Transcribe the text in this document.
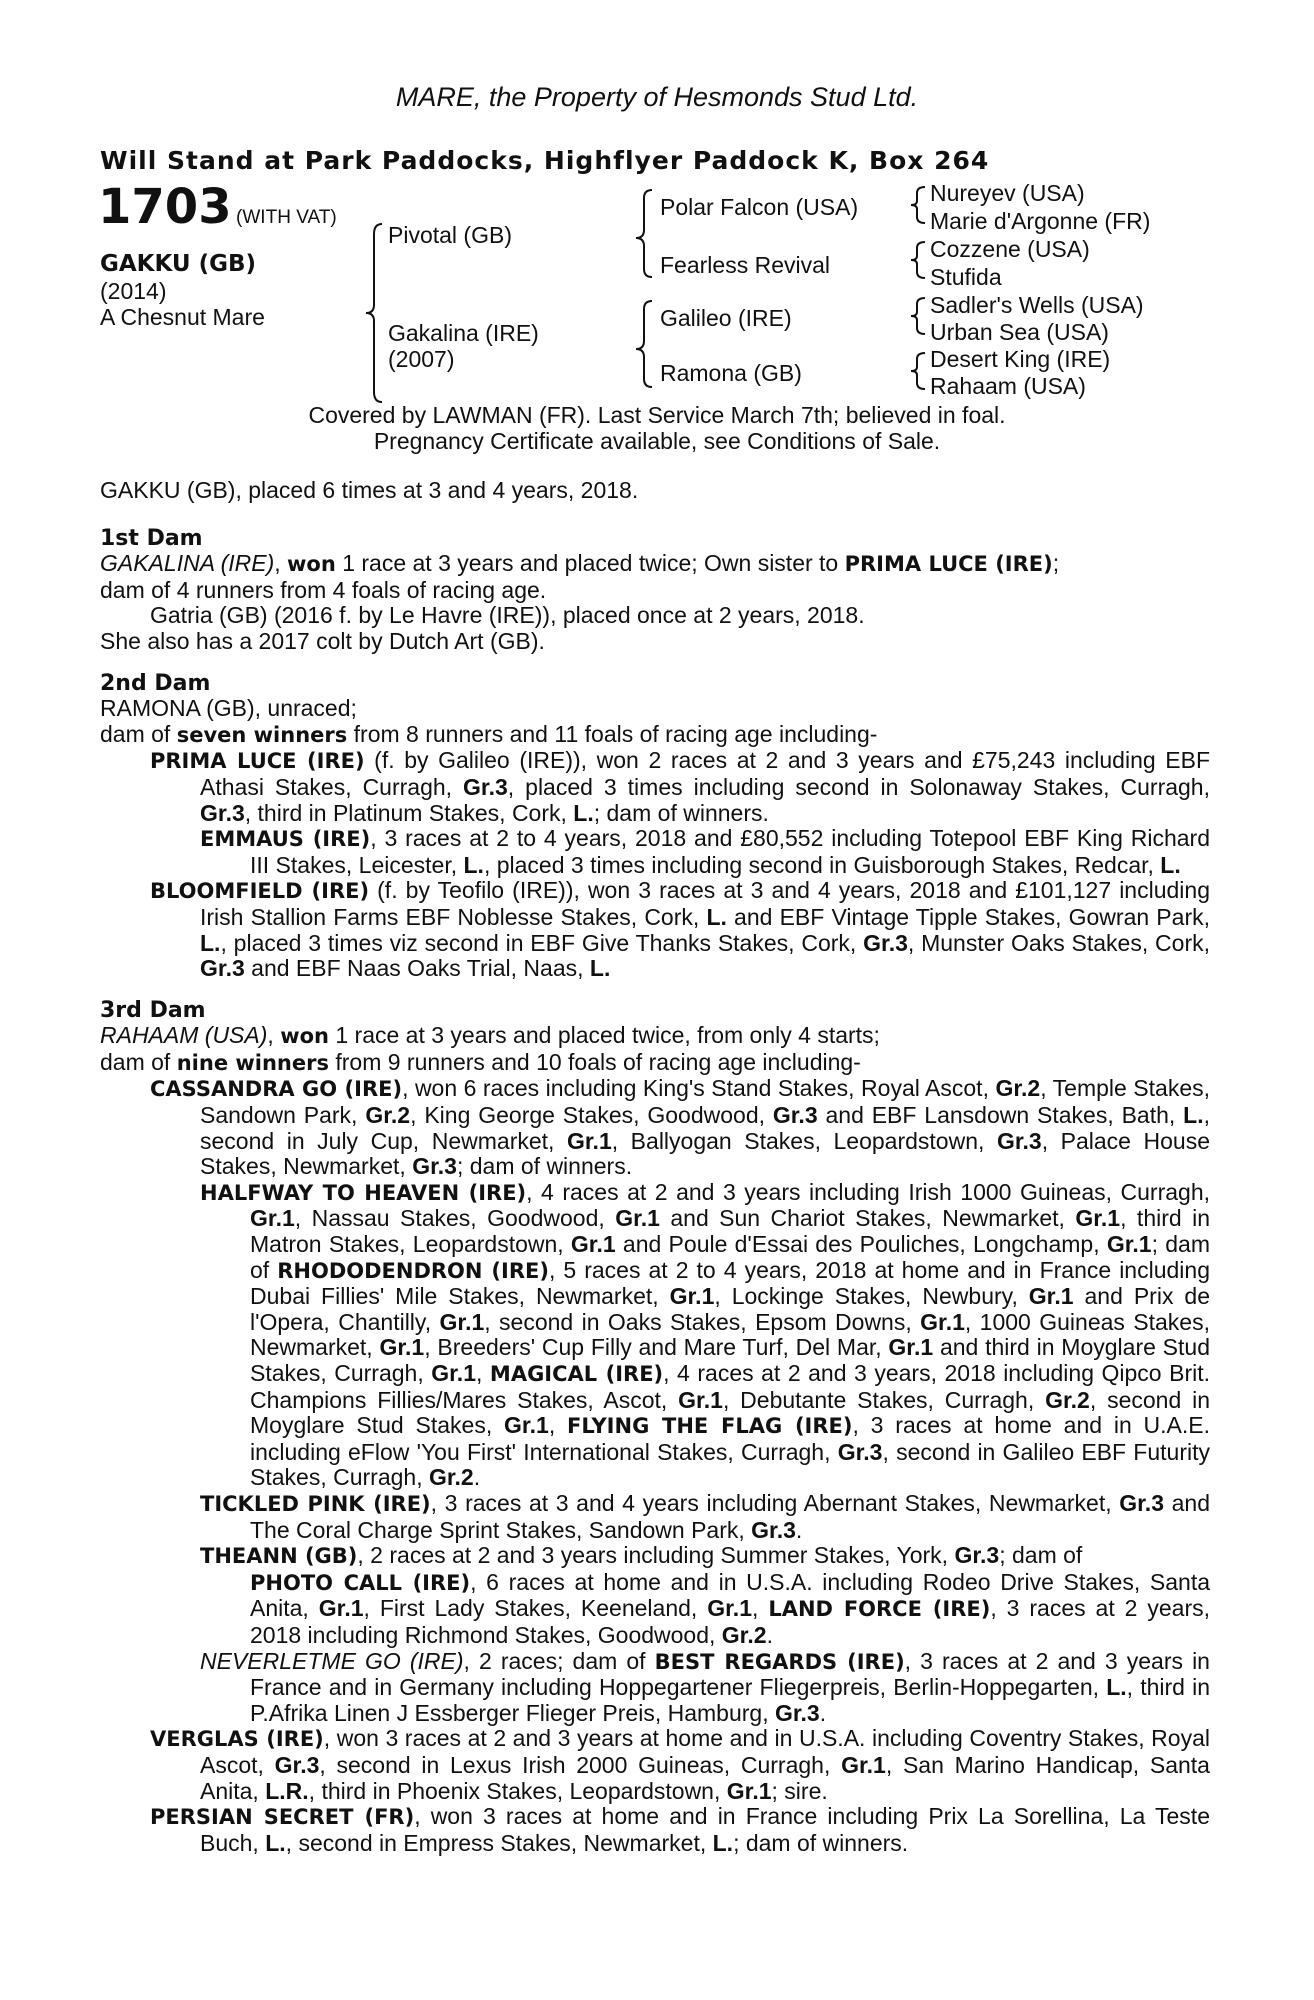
MARE, the Property of Hesmonds Stud Ltd.
Will Stand at Park Paddocks, Highflyer Paddock K, Box 264
1703 (WITH VAT)
GAKKU (GB)
(2014)
A Chesnut Mare
Pivotal (GB)
Gakalina (IRE)
(2007)
Polar Falcon (USA)
Fearless Revival
Galileo (IRE)
Ramona (GB)
Nureyev (USA)
Marie d'Argonne (FR)
Cozzene (USA)
Stufida
Sadler's Wells (USA)
Urban Sea (USA)
Desert King (IRE)
Rahaam (USA)
Covered by LAWMAN (FR). Last Service March 7th; believed in foal.
Pregnancy Certificate available, see Conditions of Sale.

GAKKU (GB), placed 6 times at 3 and 4 years, 2018.

1st Dam

GAKALINA (IRE), won 1 race at 3 years and placed twice; Own sister to PRIMA LUCE (IRE);

dam of 4 runners from 4 foals of racing age.

Gatria (GB) (2016 f. by Le Havre (IRE)), placed once at 2 years, 2018.

She also has a 2017 colt by Dutch Art (GB).

2nd Dam

RAMONA (GB), unraced;

dam of seven winners from 8 runners and 11 foals of racing age including-

PRIMA LUCE (IRE) (f. by Galileo (IRE)), won 2 races at 2 and 3 years and £75,243 including EBF Athasi Stakes, Curragh, Gr.3, placed 3 times including second in Solonaway Stakes, Curragh, Gr.3, third in Platinum Stakes, Cork, L.; dam of winners.

EMMAUS (IRE), 3 races at 2 to 4 years, 2018 and £80,552 including Totepool EBF King Richard III Stakes, Leicester, L., placed 3 times including second in Guisborough Stakes, Redcar, L.

BLOOMFIELD (IRE) (f. by Teofilo (IRE)), won 3 races at 3 and 4 years, 2018 and £101,127 including Irish Stallion Farms EBF Noblesse Stakes, Cork, L. and EBF Vintage Tipple Stakes, Gowran Park, L., placed 3 times viz second in EBF Give Thanks Stakes, Cork, Gr.3, Munster Oaks Stakes, Cork, Gr.3 and EBF Naas Oaks Trial, Naas, L.

3rd Dam

RAHAAM (USA), won 1 race at 3 years and placed twice, from only 4 starts;

dam of nine winners from 9 runners and 10 foals of racing age including-

CASSANDRA GO (IRE), won 6 races including King's Stand Stakes, Royal Ascot, Gr.2, Temple Stakes, Sandown Park, Gr.2, King George Stakes, Goodwood, Gr.3 and EBF Lansdown Stakes, Bath, L., second in July Cup, Newmarket, Gr.1, Ballyogan Stakes, Leopardstown, Gr.3, Palace House Stakes, Newmarket, Gr.3; dam of winners.

HALFWAY TO HEAVEN (IRE), 4 races at 2 and 3 years including Irish 1000 Guineas, Curragh, Gr.1, Nassau Stakes, Goodwood, Gr.1 and Sun Chariot Stakes, Newmarket, Gr.1, third in Matron Stakes, Leopardstown, Gr.1 and Poule d'Essai des Pouliches, Longchamp, Gr.1; dam of RHODODENDRON (IRE), 5 races at 2 to 4 years, 2018 at home and in France including Dubai Fillies' Mile Stakes, Newmarket, Gr.1, Lockinge Stakes, Newbury, Gr.1 and Prix de l'Opera, Chantilly, Gr.1, second in Oaks Stakes, Epsom Downs, Gr.1, 1000 Guineas Stakes, Newmarket, Gr.1, Breeders' Cup Filly and Mare Turf, Del Mar, Gr.1 and third in Moyglare Stud Stakes, Curragh, Gr.1, MAGICAL (IRE), 4 races at 2 and 3 years, 2018 including Qipco Brit. Champions Fillies/Mares Stakes, Ascot, Gr.1, Debutante Stakes, Curragh, Gr.2, second in Moyglare Stud Stakes, Gr.1, FLYING THE FLAG (IRE), 3 races at home and in U.A.E. including eFlow 'You First' International Stakes, Curragh, Gr.3, second in Galileo EBF Futurity Stakes, Curragh, Gr.2.

TICKLED PINK (IRE), 3 races at 3 and 4 years including Abernant Stakes, Newmarket, Gr.3 and The Coral Charge Sprint Stakes, Sandown Park, Gr.3.

THEANN (GB), 2 races at 2 and 3 years including Summer Stakes, York, Gr.3; dam of

PHOTO CALL (IRE), 6 races at home and in U.S.A. including Rodeo Drive Stakes, Santa Anita, Gr.1, First Lady Stakes, Keeneland, Gr.1, LAND FORCE (IRE), 3 races at 2 years, 2018 including Richmond Stakes, Goodwood, Gr.2.

NEVERLETME GO (IRE), 2 races; dam of BEST REGARDS (IRE), 3 races at 2 and 3 years in France and in Germany including Hoppegartener Fliegerpreis, Berlin-Hoppegarten, L., third in P.Afrika Linen J Essberger Flieger Preis, Hamburg, Gr.3.

VERGLAS (IRE), won 3 races at 2 and 3 years at home and in U.S.A. including Coventry Stakes, Royal Ascot, Gr.3, second in Lexus Irish 2000 Guineas, Curragh, Gr.1, San Marino Handicap, Santa Anita, L.R., third in Phoenix Stakes, Leopardstown, Gr.1; sire.

PERSIAN SECRET (FR), won 3 races at home and in France including Prix La Sorellina, La Teste Buch, L., second in Empress Stakes, Newmarket, L.; dam of winners.
